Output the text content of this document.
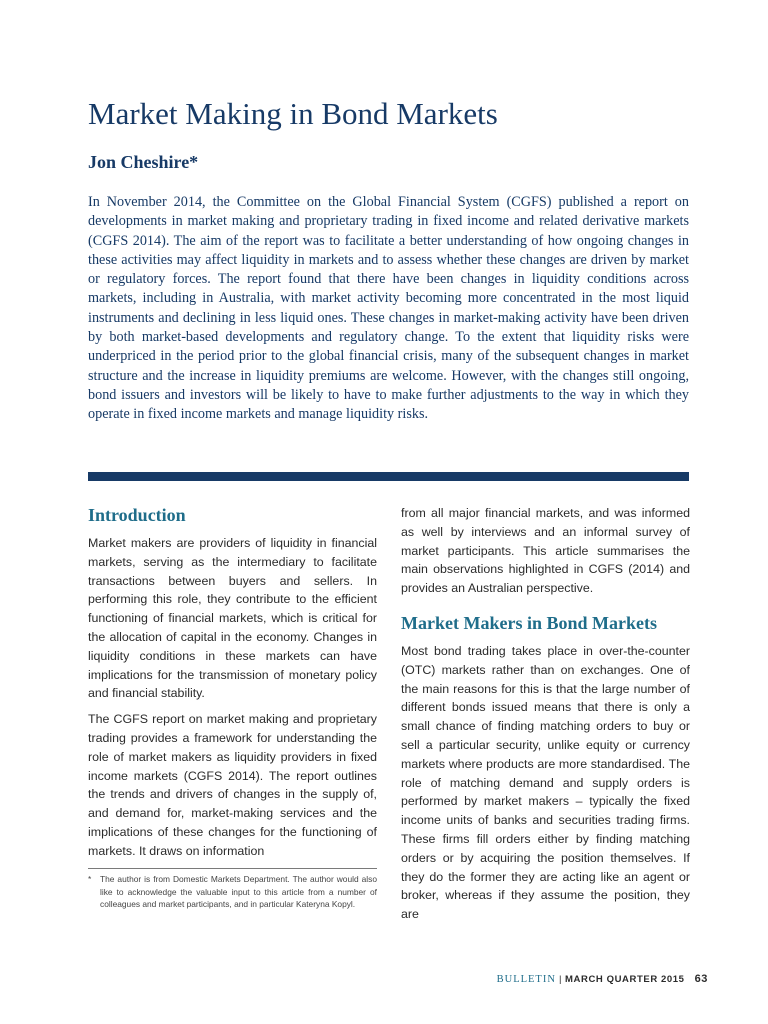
Market Making in Bond Markets
Jon Cheshire*

In November 2014, the Committee on the Global Financial System (CGFS) published a report on developments in market making and proprietary trading in fixed income and related derivative markets (CGFS 2014). The aim of the report was to facilitate a better understanding of how ongoing changes in these activities may affect liquidity in markets and to assess whether these changes are driven by market or regulatory forces. The report found that there have been changes in liquidity conditions across markets, including in Australia, with market activity becoming more concentrated in the most liquid instruments and declining in less liquid ones. These changes in market-making activity have been driven by both market-based developments and regulatory change. To the extent that liquidity risks were underpriced in the period prior to the global financial crisis, many of the subsequent changes in market structure and the increase in liquidity premiums are welcome. However, with the changes still ongoing, bond issuers and investors will be likely to have to make further adjustments to the way in which they operate in fixed income markets and manage liquidity risks.

Introduction

Market makers are providers of liquidity in financial markets, serving as the intermediary to facilitate transactions between buyers and sellers. In performing this role, they contribute to the efficient functioning of financial markets, which is critical for the allocation of capital in the economy. Changes in liquidity conditions in these markets can have implications for the transmission of monetary policy and financial stability.

The CGFS report on market making and proprietary trading provides a framework for understanding the role of market makers as liquidity providers in fixed income markets (CGFS 2014). The report outlines the trends and drivers of changes in the supply of, and demand for, market-making services and the implications of these changes for the functioning of markets. It draws on information

from all major financial markets, and was informed as well by interviews and an informal survey of market participants. This article summarises the main observations highlighted in CGFS (2014) and provides an Australian perspective.

Market Makers in Bond Markets

Most bond trading takes place in over-the-counter (OTC) markets rather than on exchanges. One of the main reasons for this is that the large number of different bonds issued means that there is only a small chance of finding matching orders to buy or sell a particular security, unlike equity or currency markets where products are more standardised. The role of matching demand and supply orders is performed by market makers – typically the fixed income units of banks and securities trading firms. These firms fill orders either by finding matching orders or by acquiring the position themselves. If they do the former they are acting like an agent or broker, whereas if they assume the position, they are

*	The author is from Domestic Markets Department. The author would also like to acknowledge the valuable input to this article from a number of colleagues and market participants, and in particular Kateryna Kopyl.
BULLETIN | MARCH QUARTER 2015 63
